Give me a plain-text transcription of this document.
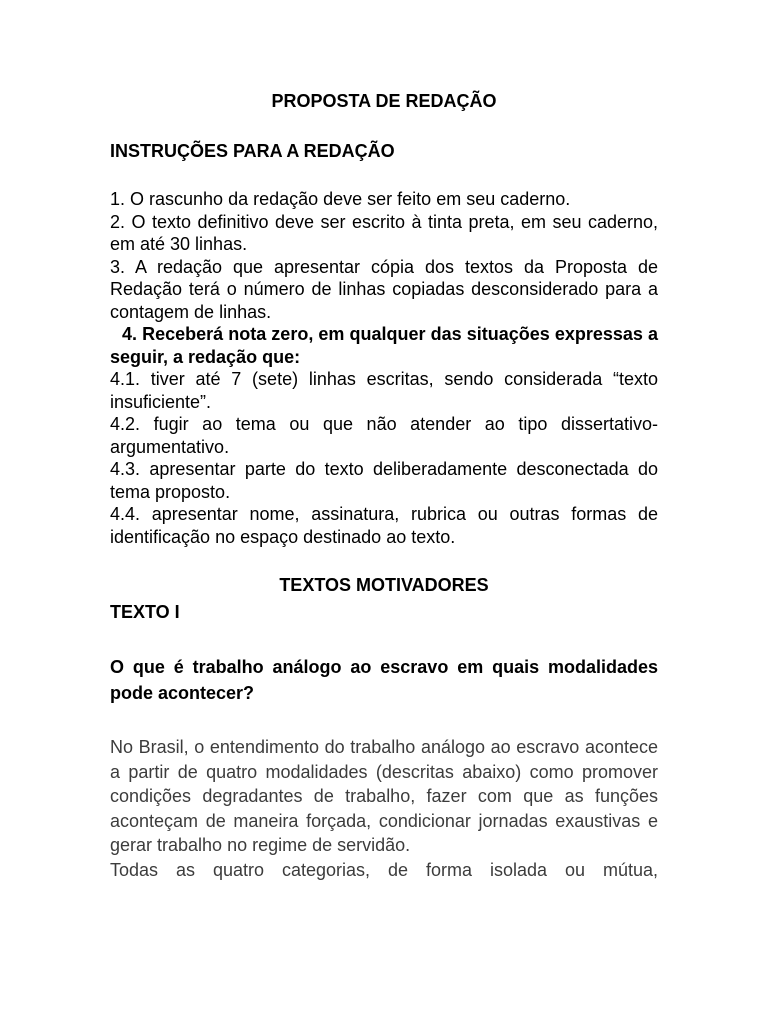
PROPOSTA DE REDAÇÃO
INSTRUÇÕES PARA A REDAÇÃO

1. O rascunho da redação deve ser feito em seu caderno.

2. O texto definitivo deve ser escrito à tinta preta, em seu caderno, em até 30 linhas.

3. A redação que apresentar cópia dos textos da Proposta de Redação terá o número de linhas copiadas desconsiderado para a contagem de linhas.

4. Receberá nota zero, em qualquer das situações expressas a seguir, a redação que:

4.1. tiver até 7 (sete) linhas escritas, sendo considerada “texto insuficiente”.

4.2. fugir ao tema ou que não atender ao tipo dissertativo-argumentativo.

4.3. apresentar parte do texto deliberadamente desconectada do tema proposto.

4.4. apresentar nome, assinatura, rubrica ou outras formas de identificação no espaço destinado ao texto.

TEXTOS MOTIVADORES
TEXTO I

O que é trabalho análogo ao escravo em quais modalidades pode acontecer?

No Brasil, o entendimento do trabalho análogo ao escravo acontece a partir de quatro modalidades (descritas abaixo) como promover condições degradantes de trabalho, fazer com que as funções aconteçam de maneira forçada, condicionar jornadas exaustivas e gerar trabalho no regime de servidão.

Todas as quatro categorias, de forma isolada ou mútua,
